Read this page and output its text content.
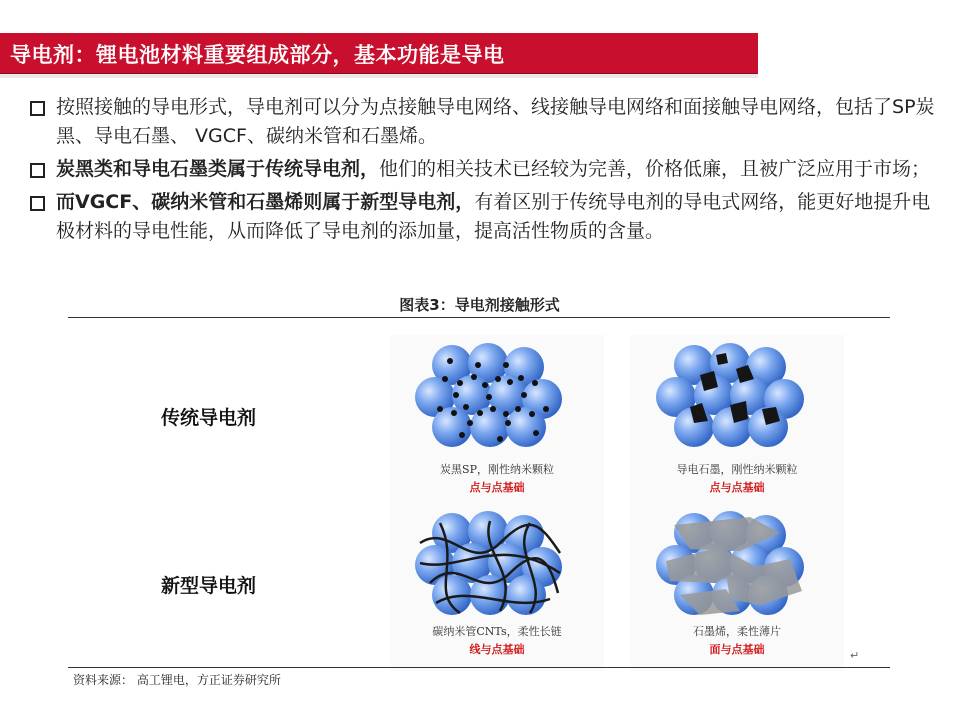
导电剂：锂电池材料重要组成部分，基本功能是导电
按照接触的导电形式，导电剂可以分为点接触导电网络、线接触导电网络和面接触导电网络，包括了SP炭黑、导电石墨、 VGCF、碳纳米管和石墨烯。
炭黑类和导电石墨类属于传统导电剂，他们的相关技术已经较为完善，价格低廉，且被广泛应用于市场；
而VGCF、碳纳米管和石墨烯则属于新型导电剂，有着区别于传统导电剂的导电式网络，能更好地提升电极材料的导电性能，从而降低了导电剂的添加量，提高活性物质的含量。
图表3：导电剂接触形式
传统导电剂
新型导电剂
炭黑SP，刚性纳米颗粒
点与点基础
导电石墨，刚性纳米颗粒
点与点基础
碳纳米管CNTs，柔性长链
线与点基础
石墨烯，柔性薄片
面与点基础	↵
资料来源： 高工锂电，方正证券研究所
